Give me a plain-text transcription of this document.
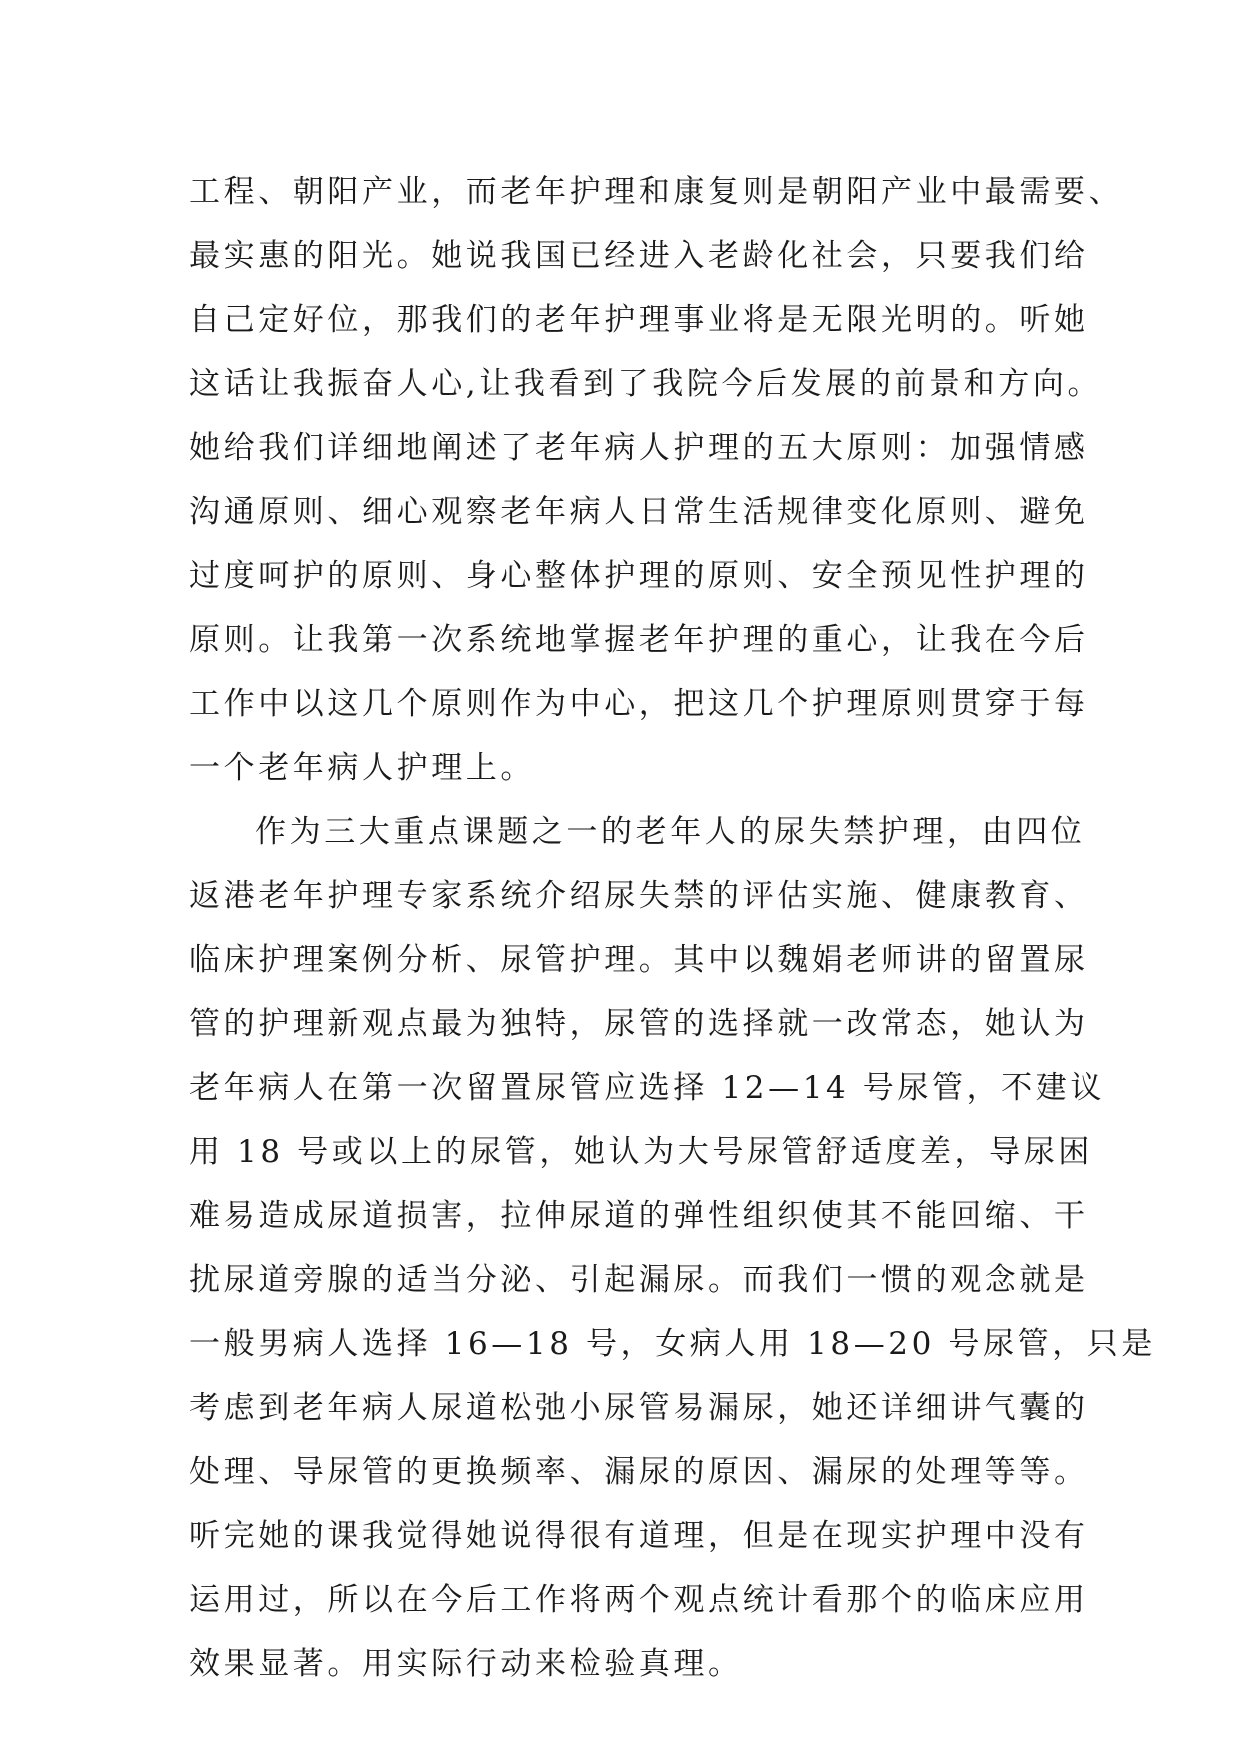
工程、朝阳产业，而老年护理和康复则是朝阳产业中最需要、
最实惠的阳光。她说我国已经进入老龄化社会，只要我们给
自己定好位，那我们的老年护理事业将是无限光明的。听她
这话让我振奋人心,让我看到了我院今后发展的前景和方向。
她给我们详细地阐述了老年病人护理的五大原则：加强情感
沟通原则、细心观察老年病人日常生活规律变化原则、避免
过度呵护的原则、身心整体护理的原则、安全预见性护理的
原则。让我第一次系统地掌握老年护理的重心，让我在今后
工作中以这几个原则作为中心，把这几个护理原则贯穿于每
一个老年病人护理上。
作为三大重点课题之一的老年人的尿失禁护理，由四位
返港老年护理专家系统介绍尿失禁的评估实施、健康教育、
临床护理案例分析、尿管护理。其中以魏娟老师讲的留置尿
管的护理新观点最为独特，尿管的选择就一改常态，她认为
老年病人在第一次留置尿管应选择 12—14 号尿管，不建议
用 18 号或以上的尿管，她认为大号尿管舒适度差，导尿困
难易造成尿道损害，拉伸尿道的弹性组织使其不能回缩、干
扰尿道旁腺的适当分泌、引起漏尿。而我们一惯的观念就是
一般男病人选择 16—18 号，女病人用 18—20 号尿管，只是
考虑到老年病人尿道松弛小尿管易漏尿，她还详细讲气囊的
处理、导尿管的更换频率、漏尿的原因、漏尿的处理等等。
听完她的课我觉得她说得很有道理，但是在现实护理中没有
运用过，所以在今后工作将两个观点统计看那个的临床应用
效果显著。用实际行动来检验真理。
